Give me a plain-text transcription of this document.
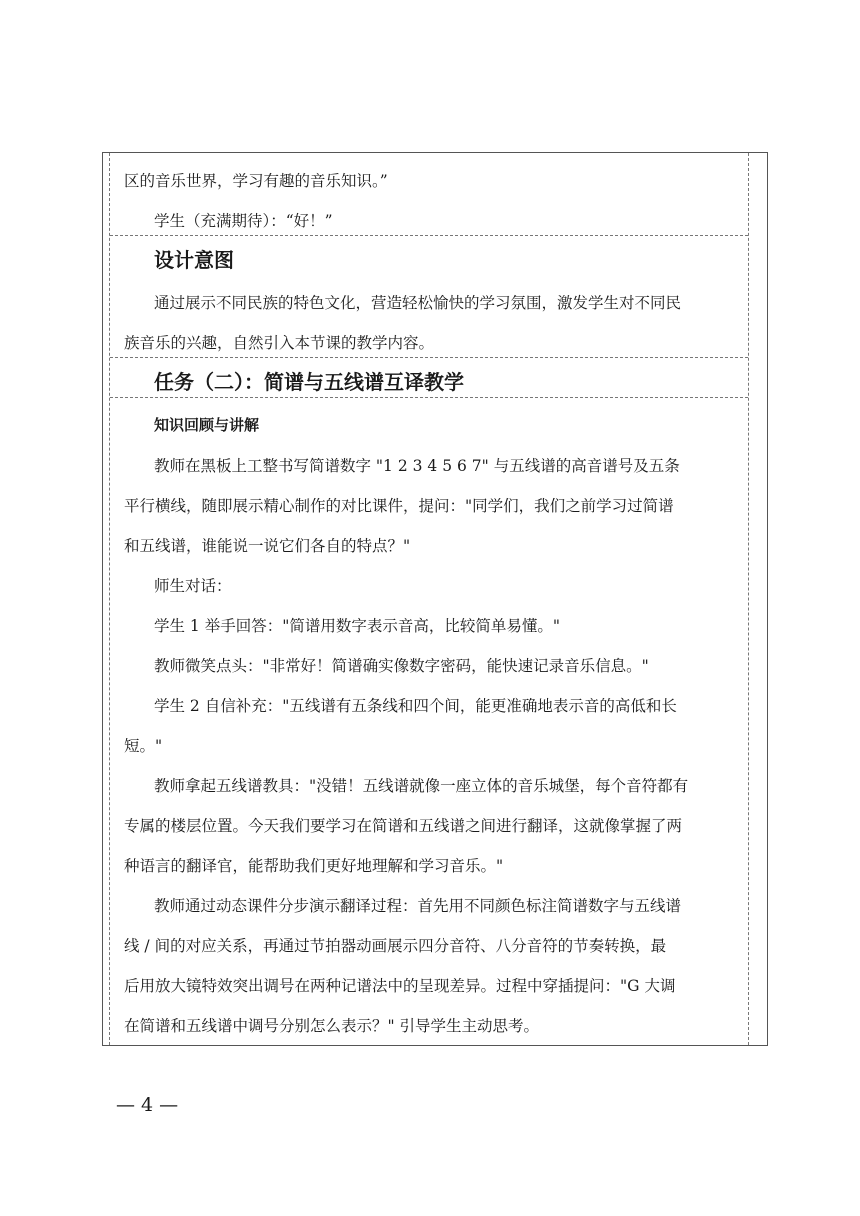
区的音乐世界，学习有趣的音乐知识。”
学生（充满期待）：“好！”
设计意图
通过展示不同民族的特色文化，营造轻松愉快的学习氛围，激发学生对不同民
族音乐的兴趣，自然引入本节课的教学内容。
任务（二）：简谱与五线谱互译教学
知识回顾与讲解
教师在黑板上工整书写简谱数字 "1 2 3 4 5 6 7" 与五线谱的高音谱号及五条
平行横线，随即展示精心制作的对比课件，提问："同学们，我们之前学习过简谱
和五线谱，谁能说一说它们各自的特点？"
师生对话：
学生 1 举手回答："简谱用数字表示音高，比较简单易懂。"
教师微笑点头："非常好！简谱确实像数字密码，能快速记录音乐信息。"
学生 2 自信补充："五线谱有五条线和四个间，能更准确地表示音的高低和长
短。"
教师拿起五线谱教具："没错！五线谱就像一座立体的音乐城堡，每个音符都有
专属的楼层位置。今天我们要学习在简谱和五线谱之间进行翻译，这就像掌握了两
种语言的翻译官，能帮助我们更好地理解和学习音乐。"
教师通过动态课件分步演示翻译过程：首先用不同颜色标注简谱数字与五线谱
线 / 间的对应关系，再通过节拍器动画展示四分音符、八分音符的节奏转换，最
后用放大镜特效突出调号在两种记谱法中的呈现差异。过程中穿插提问："G 大调
在简谱和五线谱中调号分别怎么表示？" 引导学生主动思考。
— 4 —
